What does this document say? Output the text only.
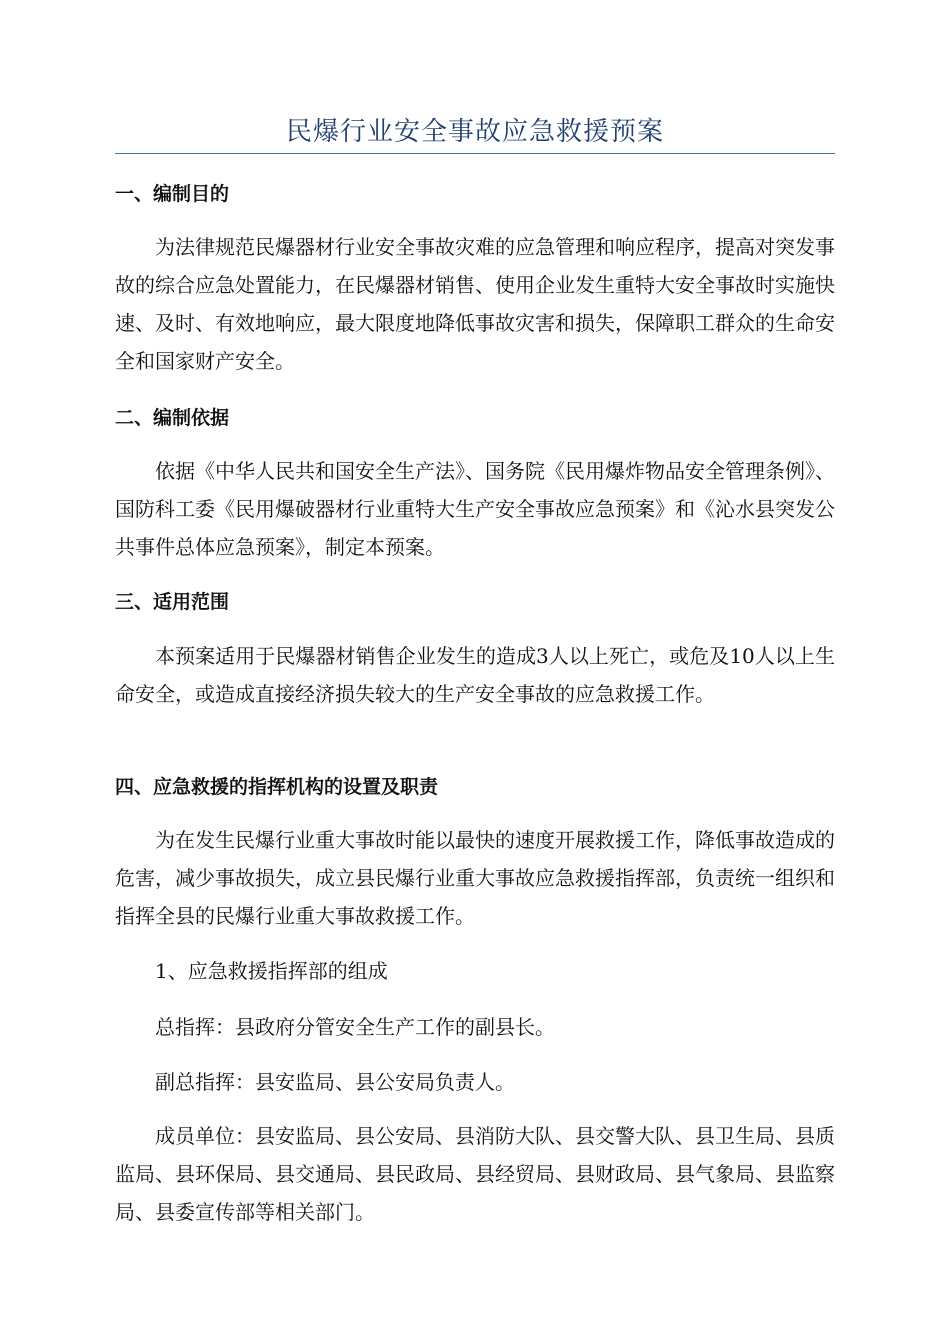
民爆行业安全事故应急救援预案
一、编制目的

为法律规范民爆器材行业安全事故灾难的应急管理和响应程序，提高对突发事故的综合应急处置能力，在民爆器材销售、使用企业发生重特大安全事故时实施快速、及时、有效地响应，最大限度地降低事故灾害和损失，保障职工群众的生命安全和国家财产安全。

二、编制依据

依据《中华人民共和国安全生产法》、国务院《民用爆炸物品安全管理条例》、国防科工委《民用爆破器材行业重特大生产安全事故应急预案》和《沁水县突发公共事件总体应急预案》，制定本预案。

三、适用范围

本预案适用于民爆器材销售企业发生的造成3人以上死亡，或危及10人以上生命安全，或造成直接经济损失较大的生产安全事故的应急救援工作。

四、应急救援的指挥机构的设置及职责

为在发生民爆行业重大事故时能以最快的速度开展救援工作，降低事故造成的危害，减少事故损失，成立县民爆行业重大事故应急救援指挥部，负责统一组织和指挥全县的民爆行业重大事故救援工作。

1、应急救援指挥部的组成

总指挥：县政府分管安全生产工作的副县长。

副总指挥：县安监局、县公安局负责人。

成员单位：县安监局、县公安局、县消防大队、县交警大队、县卫生局、县质监局、县环保局、县交通局、县民政局、县经贸局、县财政局、县气象局、县监察局、县委宣传部等相关部门。
